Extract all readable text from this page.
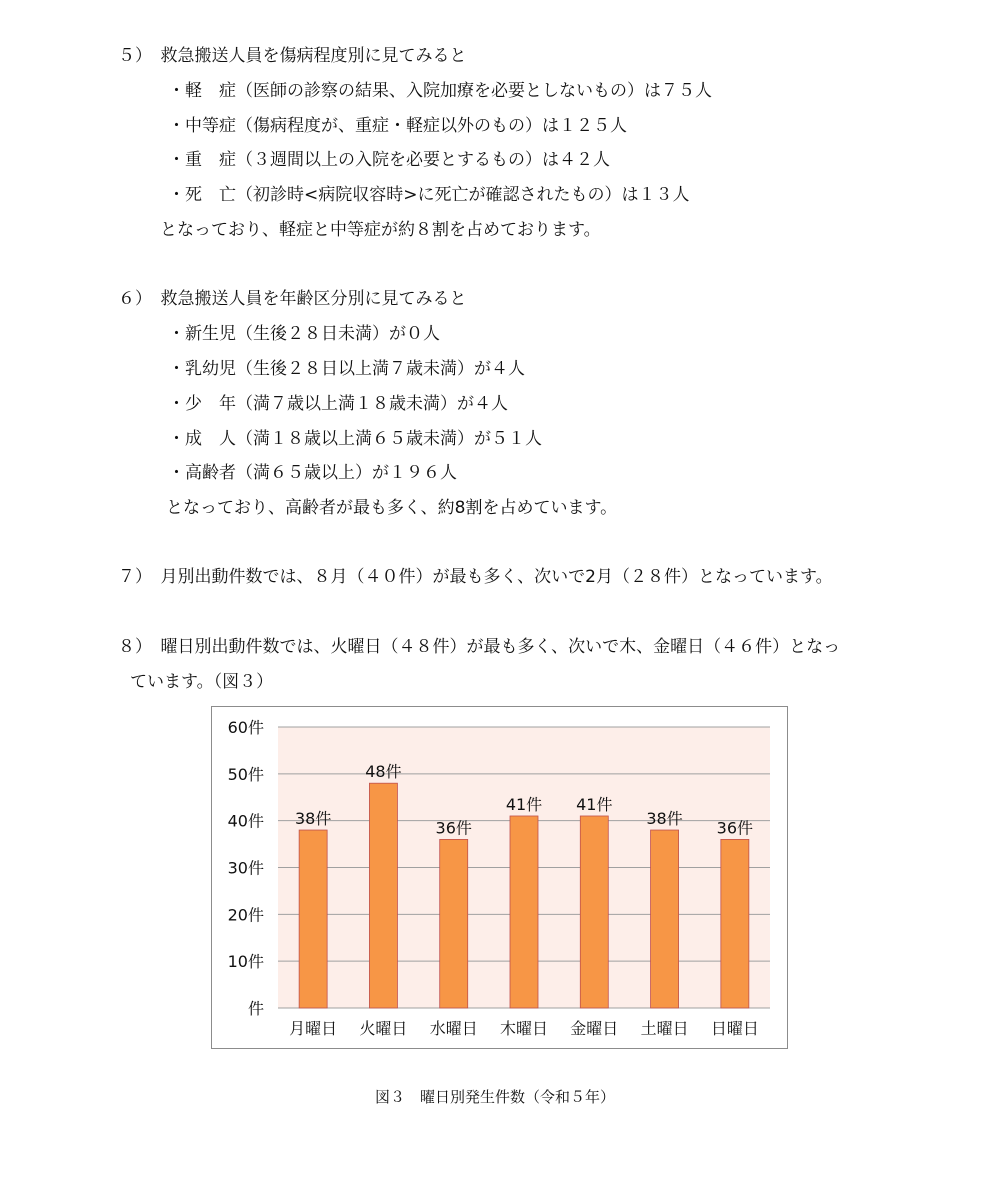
５）　救急搬送人員を傷病程度別に見てみると
・軽　症（医師の診察の結果、入院加療を必要としないもの）は７５人
・中等症（傷病程度が、重症・軽症以外のもの）は１２５人
・重　症（３週間以上の入院を必要とするもの）は４２人
・死　亡（初診時<病院収容時>に死亡が確認されたもの）は１３人
となっており、軽症と中等症が約８割を占めております。
６）　救急搬送人員を年齢区分別に見てみると
・新生児（生後２８日未満）が０人
・乳幼児（生後２８日以上満７歳未満）が４人
・少　年（満７歳以上満１８歳未満）が４人
・成　人（満１８歳以上満６５歳未満）が５１人
・高齢者（満６５歳以上）が１９６人
となっており、高齢者が最も多く、約8割を占めています。
７）　月別出動件数では、８月（４０件）が最も多く、次いで2月（２８件）となっています。
８）　曜日別出動件数では、火曜日（４８件）が最も多く、次いで木、金曜日（４６件）となっ
ています。（図３）
件
10件
20件
30件
40件
50件
60件
38件
月曜日
48件
火曜日
36件
水曜日
41件
木曜日
41件
金曜日
38件
土曜日
36件
日曜日
図３　曜日別発生件数（令和５年）
